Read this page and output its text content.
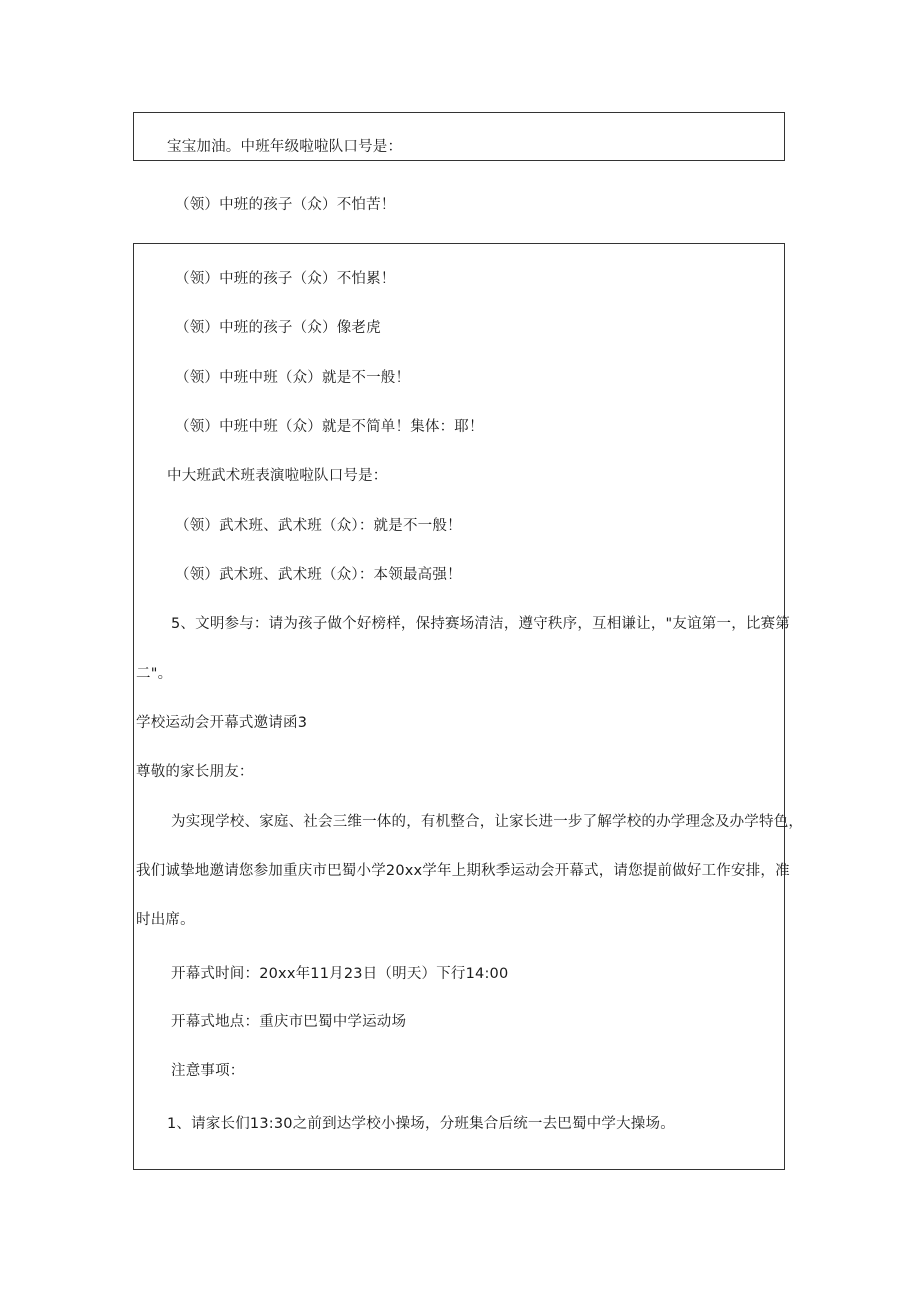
宝宝加油。中班年级啦啦队口号是：
（领）中班的孩子（众）不怕苦！
（领）中班的孩子（众）不怕累！
（领）中班的孩子（众）像老虎
（领）中班中班（众）就是不一般！
（领）中班中班（众）就是不简单！集体：耶！
中大班武术班表演啦啦队口号是：
（领）武术班、武术班（众）：就是不一般！
（领）武术班、武术班（众）：本领最高强！
5、文明参与：请为孩子做个好榜样，保持赛场清洁，遵守秩序，互相谦让，"友谊第一，比赛第
二"。
学校运动会开幕式邀请函3
尊敬的家长朋友：
为实现学校、家庭、社会三维一体的，有机整合，让家长进一步了解学校的办学理念及办学特色，
我们诚挚地邀请您参加重庆市巴蜀小学20xx学年上期秋季运动会开幕式，请您提前做好工作安排，准
时出席。
开幕式时间：20xx年11月23日（明天）下行14:00
开幕式地点：重庆市巴蜀中学运动场
注意事项：
1、请家长们13:30之前到达学校小操场，分班集合后统一去巴蜀中学大操场。
